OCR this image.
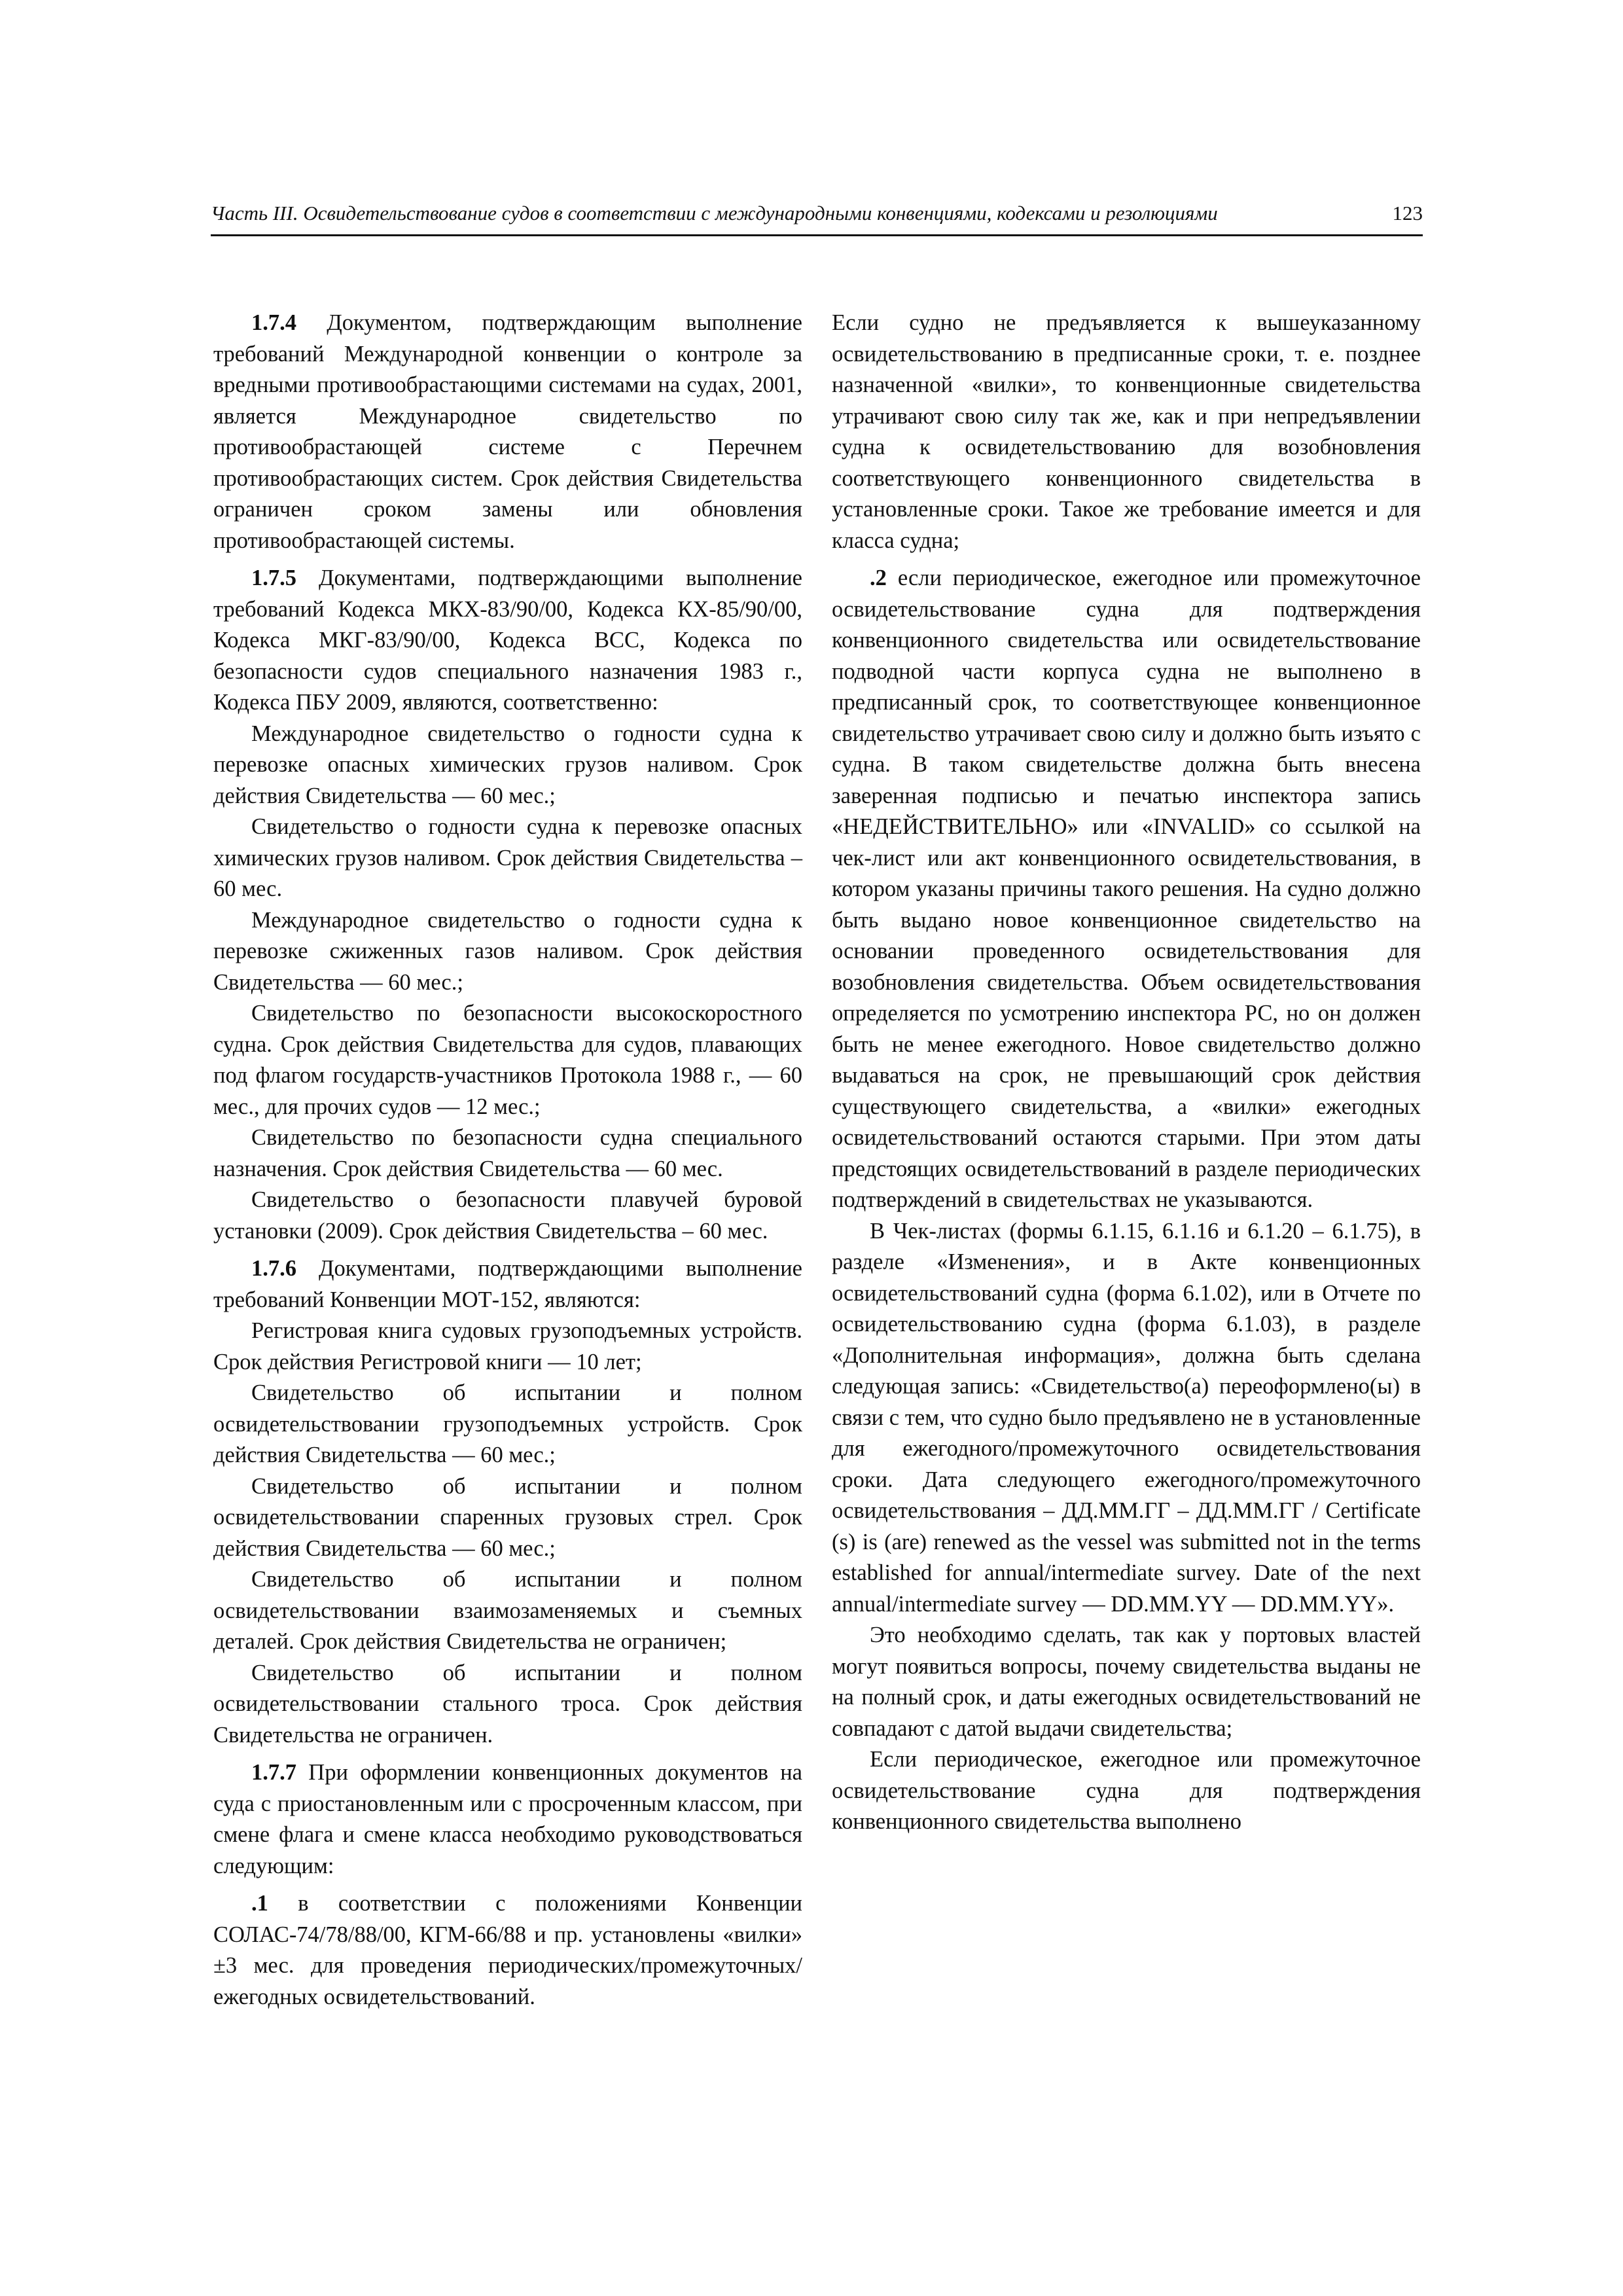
Часть III. Освидетельствование судов в соответствии с международными конвенциями, кодексами и резолюциями	123

1.7.4 Документом, подтверждающим выполнение требований Международной конвенции о контроле за вредными противообрастающими системами на судах, 2001, является Международное свидетельство по противообрастающей системе с Перечнем противообрастающих систем. Срок действия Свидетельства ограничен сроком замены или обновления противообрастающей системы.

1.7.5 Документами, подтверждающими выполнение требований Кодекса МКХ-83/90/00, Кодекса КХ-85/90/00, Кодекса МКГ-83/90/00, Кодекса ВСС, Кодекса по безопасности судов специального назначения 1983 г., Кодекса ПБУ 2009, являются, соответственно:

Международное свидетельство о годности судна к перевозке опасных химических грузов наливом. Срок действия Свидетельства — 60 мес.;

Свидетельство о годности судна к перевозке опасных химических грузов наливом. Срок действия Свидетельства – 60 мес.

Международное свидетельство о годности судна к перевозке сжиженных газов наливом. Срок действия Свидетельства — 60 мес.;

Свидетельство по безопасности высокоскоростного судна. Срок действия Свидетельства для судов, плавающих под флагом государств-участников Протокола 1988 г., — 60 мес., для прочих судов — 12 мес.;

Свидетельство по безопасности судна специального назначения. Срок действия Свидетельства — 60 мес.

Свидетельство о безопасности плавучей буровой установки (2009). Срок действия Свидетельства – 60 мес.

1.7.6 Документами, подтверждающими выполнение требований Конвенции МОТ-152, являются:

Регистровая книга судовых грузоподъемных устройств. Срок действия Регистровой книги — 10 лет;

Свидетельство об испытании и полном освидетельствовании грузоподъемных устройств. Срок действия Свидетельства — 60 мес.;

Свидетельство об испытании и полном освидетельствовании спаренных грузовых стрел. Срок действия Свидетельства — 60 мес.;

Свидетельство об испытании и полном освидетельствовании взаимозаменяемых и съемных деталей. Срок действия Свидетельства не ограничен;

Свидетельство об испытании и полном освидетельствовании стального троса. Срок действия Свидетельства не ограничен.

1.7.7 При оформлении конвенционных документов на суда с приостановленным или с просроченным классом, при смене флага и смене класса необходимо руководствоваться следующим:

.1 в соответствии с положениями Конвенции СОЛАС-74/78/88/00, КГМ-66/88 и пр. установлены «вилки» ±3 мес. для проведения периодических/промежуточных/ежегодных освидетельствований.

Если судно не предъявляется к вышеуказанному освидетельствованию в предписанные сроки, т. е. позднее назначенной «вилки», то конвенционные свидетельства утрачивают свою силу так же, как и при непредъявлении судна к освидетельствованию для возобновления соответствующего конвенционного свидетельства в установленные сроки. Такое же требование имеется и для класса судна;

.2 если периодическое, ежегодное или промежуточное освидетельствование судна для подтверждения конвенционного свидетельства или освидетельствование подводной части корпуса судна не выполнено в предписанный срок, то соответствующее конвенционное свидетельство утрачивает свою силу и должно быть изъято с судна. В таком свидетельстве должна быть внесена заверенная подписью и печатью инспектора запись «НЕДЕЙСТВИТЕЛЬНО» или «INVALID» со ссылкой на чек-лист или акт конвенционного освидетельствования, в котором указаны причины такого решения. На судно должно быть выдано новое конвенционное свидетельство на основании проведенного освидетельствования для возобновления свидетельства. Объем освидетельствования определяется по усмотрению инспектора РС, но он должен быть не менее ежегодного. Новое свидетельство должно выдаваться на срок, не превышающий срок действия существующего свидетельства, а «вилки» ежегодных освидетельствований остаются старыми. При этом даты предстоящих освидетельствований в разделе периодических подтверждений в свидетельствах не указываются.

В Чек-листах (формы 6.1.15, 6.1.16 и 6.1.20 – 6.1.75), в разделе «Изменения», и в Акте конвенционных освидетельствований судна (форма 6.1.02), или в Отчете по освидетельствованию судна (форма 6.1.03), в разделе «Дополнительная информация», должна быть сделана следующая запись: «Свидетельство(а) переоформлено(ы) в связи с тем, что судно было предъявлено не в установленные для ежегодного/промежуточного освидетельствования сроки. Дата следующего ежегодного/промежуточного освидетельствования – ДД.ММ.ГГ – ДД.ММ.ГГ / Certificate (s) is (are) renewed as the vessel was submitted not in the terms established for annual/intermediate survey. Date of the next annual/intermediate survey — DD.MM.YY — DD.MM.YY».

Это необходимо сделать, так как у портовых властей могут появиться вопросы, почему свидетельства выданы не на полный срок, и даты ежегодных освидетельствований не совпадают с датой выдачи свидетельства;

Если периодическое, ежегодное или промежуточное освидетельствование судна для подтверждения конвенционного свидетельства выполнено
